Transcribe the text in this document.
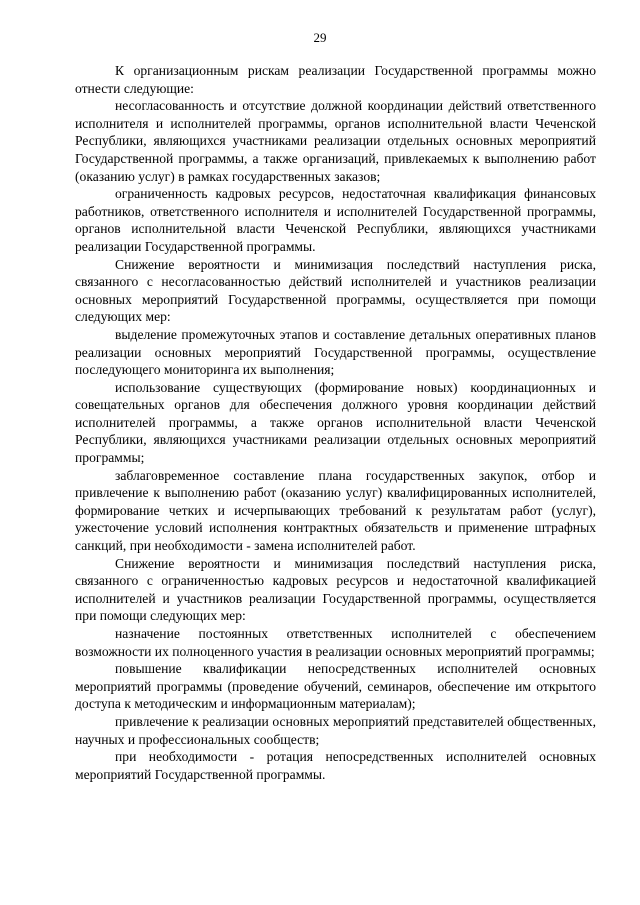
29

К организационным рискам реализации Государственной программы можно отнести следующие:

несогласованность и отсутствие должной координации действий ответственного исполнителя и исполнителей программы, органов исполнительной власти Чеченской Республики, являющихся участниками реализации отдельных основных мероприятий Государственной программы, а также организаций, привлекаемых к выполнению работ (оказанию услуг) в рамках государственных заказов;

ограниченность кадровых ресурсов, недостаточная квалификация финансовых работников, ответственного исполнителя и исполнителей Государственной программы, органов исполнительной власти Чеченской Республики, являющихся участниками реализации Государственной программы.

Снижение вероятности и минимизация последствий наступления риска, связанного с несогласованностью действий исполнителей и участников реализации основных мероприятий Государственной программы, осуществляется при помощи следующих мер:

выделение промежуточных этапов и составление детальных оперативных планов реализации основных мероприятий Государственной программы, осуществление последующего мониторинга их выполнения;

использование существующих (формирование новых) координационных и совещательных органов для обеспечения должного уровня координации действий исполнителей программы, а также органов исполнительной власти Чеченской Республики, являющихся участниками реализации отдельных основных мероприятий программы;

заблаговременное составление плана государственных закупок, отбор и привлечение к выполнению работ (оказанию услуг) квалифицированных исполнителей, формирование четких и исчерпывающих требований к результатам работ (услуг), ужесточение условий исполнения контрактных обязательств и применение штрафных санкций, при необходимости - замена исполнителей работ.

Снижение вероятности и минимизация последствий наступления риска, связанного с ограниченностью кадровых ресурсов и недостаточной квалификацией исполнителей и участников реализации Государственной программы, осуществляется при помощи следующих мер:

назначение постоянных ответственных исполнителей с обеспечением возможности их полноценного участия в реализации основных мероприятий программы;

повышение квалификации непосредственных исполнителей основных мероприятий программы (проведение обучений, семинаров, обеспечение им открытого доступа к методическим и информационным материалам);

привлечение к реализации основных мероприятий представителей общественных, научных и профессиональных сообществ;

при необходимости - ротация непосредственных исполнителей основных мероприятий Государственной программы.
